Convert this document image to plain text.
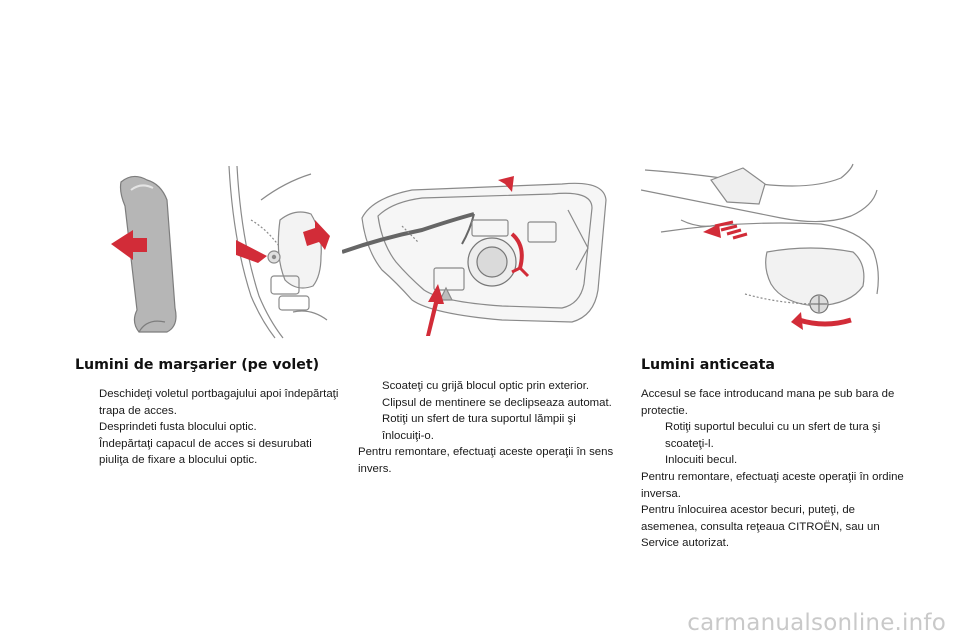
Lumini de marşarier (pe volet)
Deschideţi voletul portbagajului apoi îndepărtaţi trapa de acces.
Desprindeti fusta blocului optic.
Îndepărtaţi capacul de acces si desurubati piuliţa de fixare a blocului optic.
Scoateţi cu grijă blocul optic prin exterior. Clipsul de mentinere se declipseaza automat.
Rotiţi un sfert de tura suportul lămpii şi înlocuiţi-o.

Pentru remontare, efectuaţi aceste operaţii în sens invers.

Lumini anticeata

Accesul se face introducand mana pe sub bara de protectie.

Rotiţi suportul becului cu un sfert de tura şi scoateţi-l.
Inlocuiti becul.

Pentru remontare, efectuaţi aceste operaţii în ordine inversa.

Pentru înlocuirea acestor becuri, puteţi, de asemenea, consulta reţeaua CITROËN, sau un Service autorizat.

carmanualsonline.info
